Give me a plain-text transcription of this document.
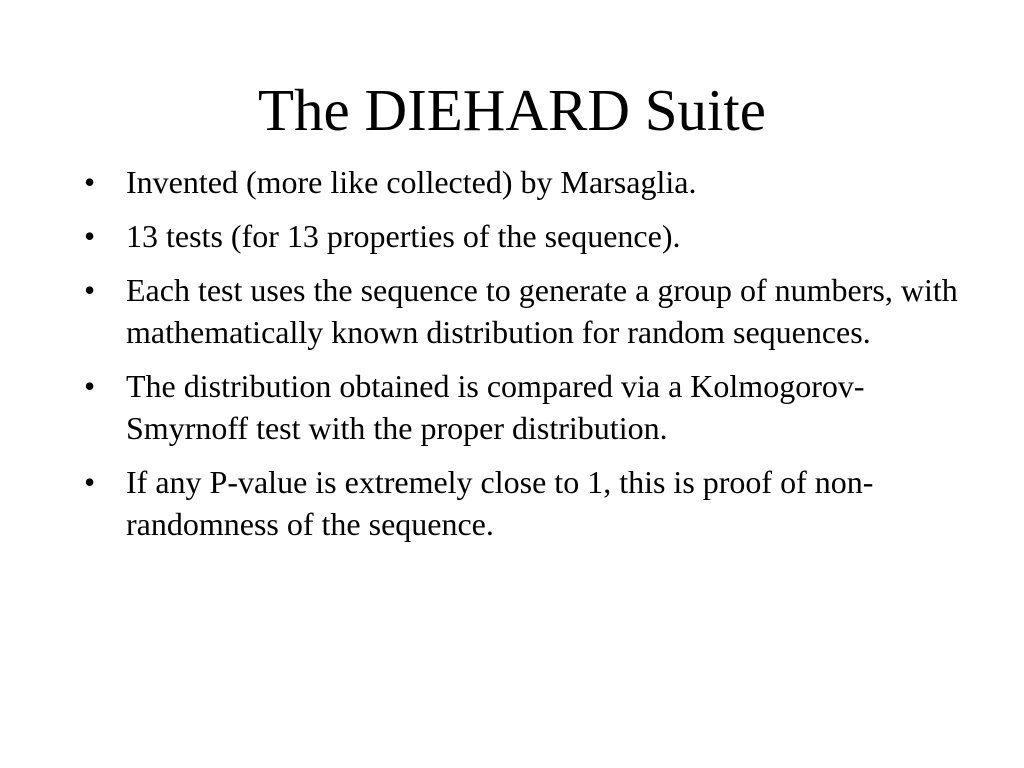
The DIEHARD Suite
• Invented (more like collected) by Marsaglia.
• 13 tests (for 13 properties of the sequence).
• Each test uses the sequence to generate a group of numbers, with mathematically known distribution for random sequences.
• The distribution obtained is compared via a Kolmogorov-Smyrnoff test with the proper distribution.
• If any P-value is extremely close to 1, this is proof of non-randomness of the sequence.
